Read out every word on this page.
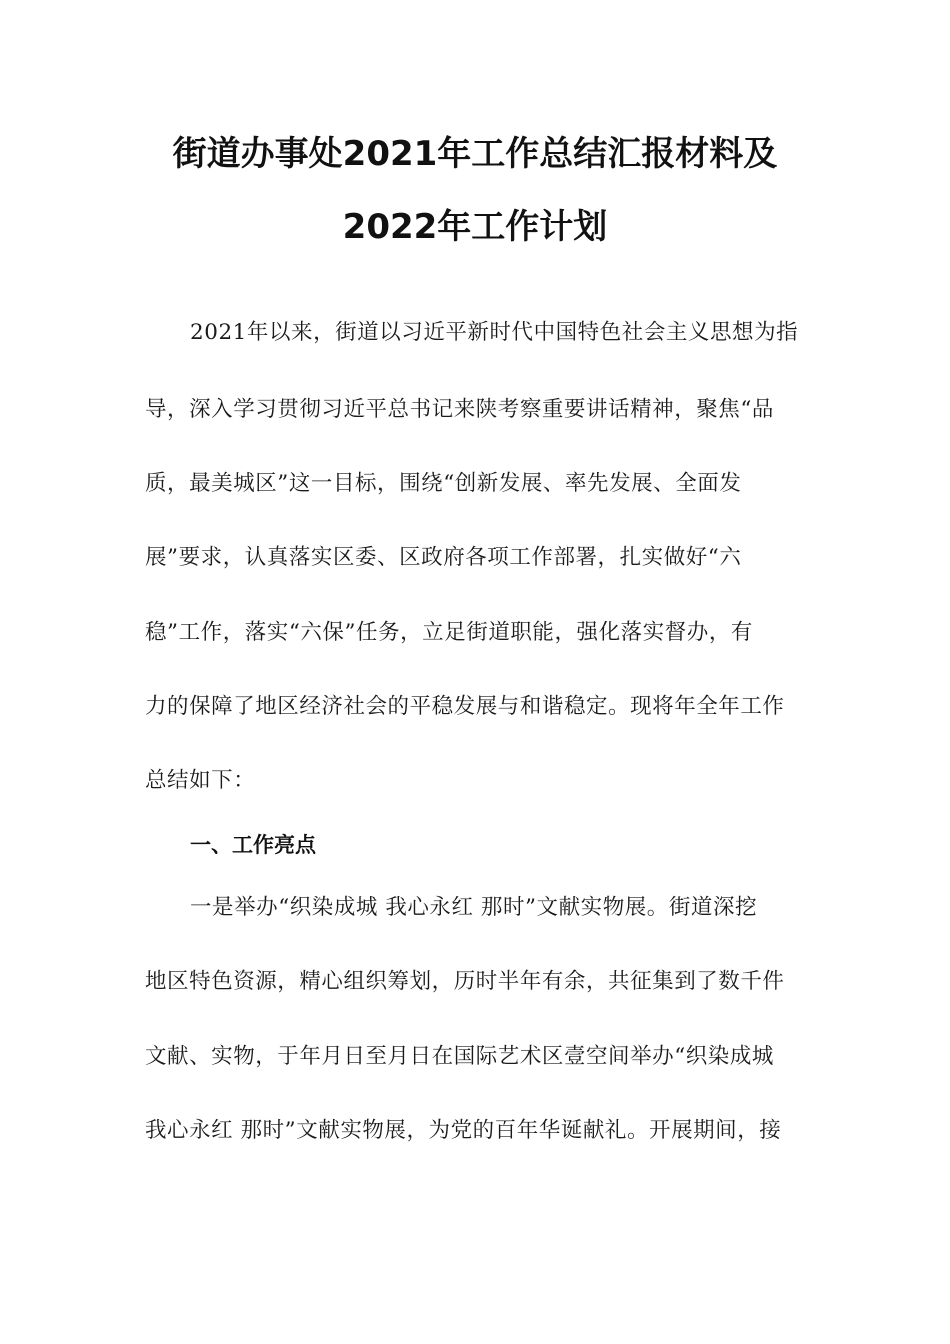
街道办事处2021年工作总结汇报材料及
2022年工作计划
2021年以来，街道以习近平新时代中国特色社会主义思想为指
导，深入学习贯彻习近平总书记来陕考察重要讲话精神，聚焦“品
质，最美城区”这一目标，围绕“创新发展、率先发展、全面发
展”要求，认真落实区委、区政府各项工作部署，扎实做好“六
稳”工作，落实“六保”任务，立足街道职能，强化落实督办，有
力的保障了地区经济社会的平稳发展与和谐稳定。现将年全年工作
总结如下：
一、工作亮点
一是举办“织染成城 我心永红 那时”文献实物展。街道深挖
地区特色资源，精心组织筹划，历时半年有余，共征集到了数千件
文献、实物，于年月日至月日在国际艺术区壹空间举办“织染成城
我心永红 那时”文献实物展，为党的百年华诞献礼。开展期间，接
